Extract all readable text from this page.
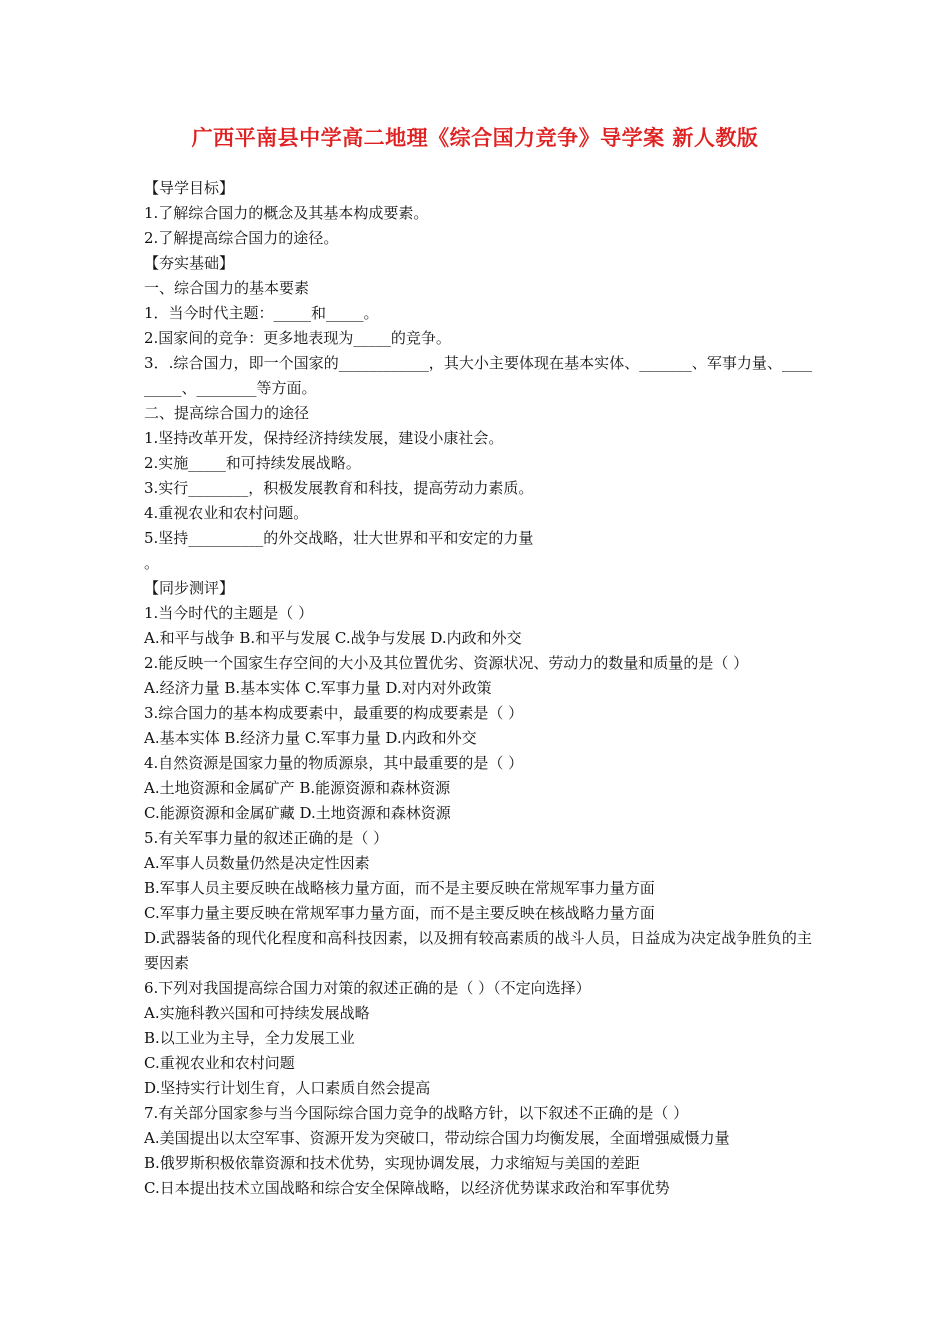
广西平南县中学高二地理《综合国力竞争》导学案 新人教版
【导学目标】
1.了解综合国力的概念及其基本构成要素。
2.了解提高综合国力的途径。
【夯实基础】
一、综合国力的基本要素
1．当今时代主题：_____和_____。
2.国家间的竞争：更多地表现为_____的竞争。
3．.综合国力，即一个国家的____________，其大小主要体现在基本实体、_______、军事力量、_________、________等方面。
二、提高综合国力的途径
1.坚持改革开发，保持经济持续发展，建设小康社会。
2.实施_____和可持续发展战略。
3.实行________，积极发展教育和科技，提高劳动力素质。
4.重视农业和农村问题。
5.坚持__________的外交战略，壮大世界和平和安定的力量
。
【同步测评】
1.当今时代的主题是（ ）
A.和平与战争 B.和平与发展 C.战争与发展 D.内政和外交
2.能反映一个国家生存空间的大小及其位置优劣、资源状况、劳动力的数量和质量的是（ ）
A.经济力量 B.基本实体 C.军事力量 D.对内对外政策
3.综合国力的基本构成要素中，最重要的构成要素是（ ）
A.基本实体 B.经济力量 C.军事力量 D.内政和外交
4.自然资源是国家力量的物质源泉，其中最重要的是（ ）
A.土地资源和金属矿产 B.能源资源和森林资源
C.能源资源和金属矿藏 D.土地资源和森林资源
5.有关军事力量的叙述正确的是（ ）
A.军事人员数量仍然是决定性因素
B.军事人员主要反映在战略核力量方面，而不是主要反映在常规军事力量方面
C.军事力量主要反映在常规军事力量方面，而不是主要反映在核战略力量方面
D.武器装备的现代化程度和高科技因素，以及拥有较高素质的战斗人员，日益成为决定战争胜负的主要因素
6.下列对我国提高综合国力对策的叙述正确的是（ ）（不定向选择）
A.实施科教兴国和可持续发展战略
B.以工业为主导，全力发展工业
C.重视农业和农村问题
D.坚持实行计划生育，人口素质自然会提高
7.有关部分国家参与当今国际综合国力竞争的战略方针，以下叙述不正确的是（ ）
A.美国提出以太空军事、资源开发为突破口，带动综合国力均衡发展，全面增强威慑力量
B.俄罗斯积极依靠资源和技术优势，实现协调发展，力求缩短与美国的差距
C.日本提出技术立国战略和综合安全保障战略，以经济优势谋求政治和军事优势
